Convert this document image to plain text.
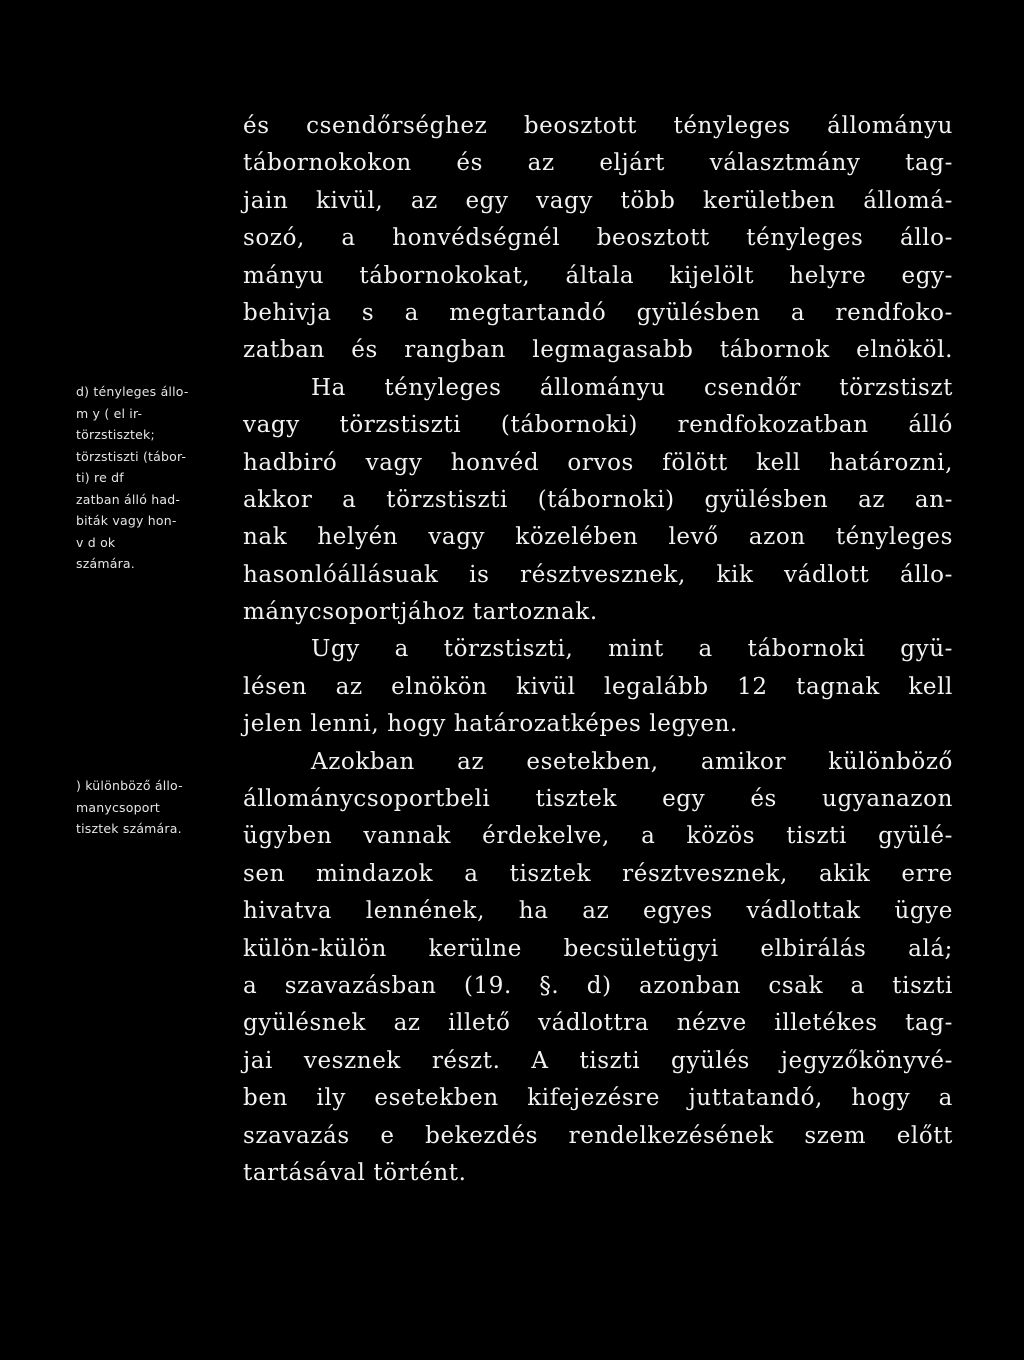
és csendőrséghez beosztott tényleges állományu
tábornokokon és az eljárt választmány tag-
jain kivül, az egy vagy több kerületben állomá-
sozó, a honvédségnél beosztott tényleges állo-
mányu tábornokokat, általa kijelölt helyre egy-
behivja s a megtartandó gyülésben a rendfoko-
zatban és rangban legmagasabb tábornok elnököl.
Ha tényleges állományu csendőr törzstiszt
vagy törzstiszti (tábornoki) rendfokozatban álló
hadbiró vagy honvéd orvos fölött kell határozni,
akkor a törzstiszti (tábornoki) gyülésben az an-
nak helyén vagy közelében levő azon tényleges
hasonlóállásuak is résztvesznek, kik vádlott állo-
mánycsoportjához tartoznak.
Ugy a törzstiszti, mint a tábornoki gyü-
lésen az elnökön kivül legalább 12 tagnak kell
jelen lenni, hogy határozatképes legyen.
Azokban az esetekben, amikor különböző
állománycsoportbeli tisztek egy és ugyanazon
ügyben vannak érdekelve, a közös tiszti gyülé-
sen mindazok a tisztek résztvesznek, akik erre
hivatva lennének, ha az egyes vádlottak ügye
külön-külön kerülne becsületügyi elbirálás alá;
a szavazásban (19. §. d) azonban csak a tiszti
gyülésnek az illető vádlottra nézve illetékes tag-
jai vesznek részt. A tiszti gyülés jegyzőkönyvé-
ben ily esetekben kifejezésre juttatandó, hogy a
szavazás e bekezdés rendelkezésének szem előtt
tartásával történt.
d) tényleges állo-
m y ( el ir-
törzstisztek;
törzstiszti (tábor-
ti) re df
zatban álló had-
biták vagy hon-
v d ok
számára.
) különböző állo-
manycsoport
tisztek számára.
